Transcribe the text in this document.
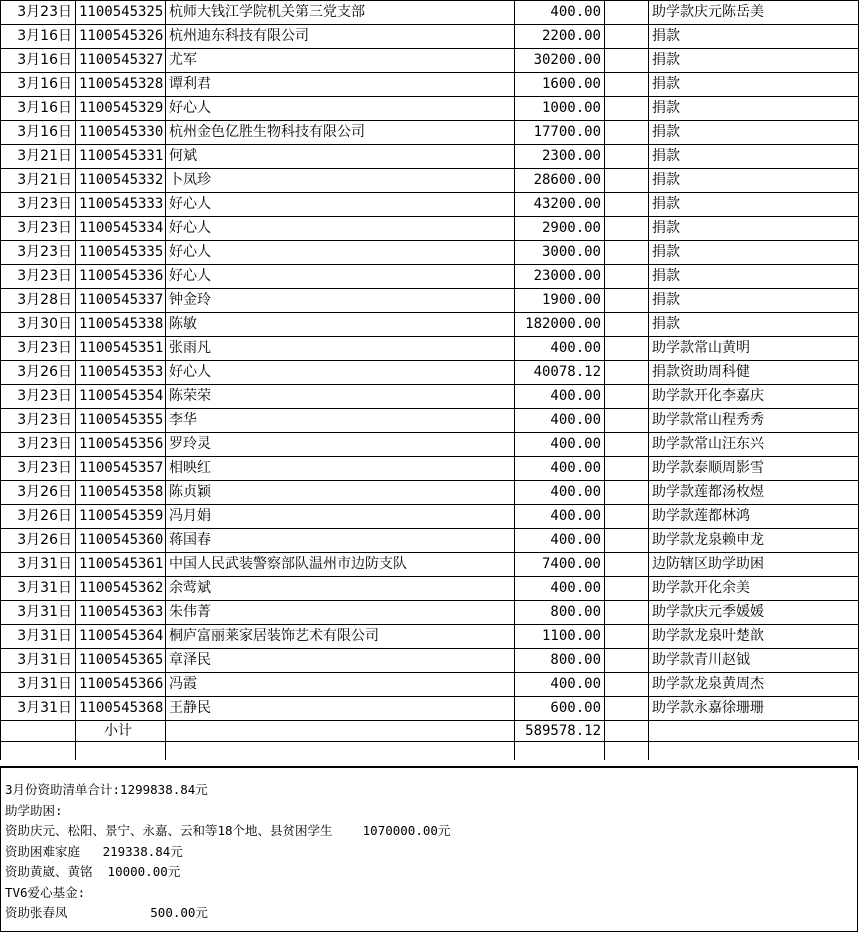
3月23日	1100545325	杭师大钱江学院机关第三党支部	400.00		助学款庆元陈岳美
3月16日	1100545326	杭州迪东科技有限公司	2200.00		捐款
3月16日	1100545327	尤军	30200.00		捐款
3月16日	1100545328	谭利君	1600.00		捐款
3月16日	1100545329	好心人	1000.00		捐款
3月16日	1100545330	杭州金色亿胜生物科技有限公司	17700.00		捐款
3月21日	1100545331	何斌	2300.00		捐款
3月21日	1100545332	卜凤珍	28600.00		捐款
3月23日	1100545333	好心人	43200.00		捐款
3月23日	1100545334	好心人	2900.00		捐款
3月23日	1100545335	好心人	3000.00		捐款
3月23日	1100545336	好心人	23000.00		捐款
3月28日	1100545337	钟金玲	1900.00		捐款
3月30日	1100545338	陈敏	182000.00		捐款
3月23日	1100545351	张雨凡	400.00		助学款常山黄明
3月26日	1100545353	好心人	40078.12		捐款资助周科健
3月23日	1100545354	陈荣荣	400.00		助学款开化李嘉庆
3月23日	1100545355	李华	400.00		助学款常山程秀秀
3月23日	1100545356	罗玲灵	400.00		助学款常山汪东兴
3月23日	1100545357	相映红	400.00		助学款泰顺周影雪
3月26日	1100545358	陈贞颖	400.00		助学款莲都汤枚煜
3月26日	1100545359	冯月娟	400.00		助学款莲都林鸿
3月26日	1100545360	蒋国春	400.00		助学款龙泉赖申龙
3月31日	1100545361	中国人民武装警察部队温州市边防支队	7400.00		边防辖区助学助困
3月31日	1100545362	余莺斌	400.00		助学款开化余美
3月31日	1100545363	朱伟菁	800.00		助学款庆元季媛媛
3月31日	1100545364	桐庐富丽莱家居装饰艺术有限公司	1100.00		助学款龙泉叶楚歆
3月31日	1100545365	章泽民	800.00		助学款青川赵钺
3月31日	1100545366	冯霞	400.00		助学款龙泉黄周杰
3月31日	1100545368	王静民	600.00		助学款永嘉徐珊珊
	小计		589578.12		

3月份资助清单合计:1299838.84元
助学助困:
资助庆元、松阳、景宁、永嘉、云和等18个地、县贫困学生    1070000.00元
资助困难家庭   219338.84元
资助黄崴、黄铭  10000.00元
TV6爱心基金:
资助张春凤           500.00元
